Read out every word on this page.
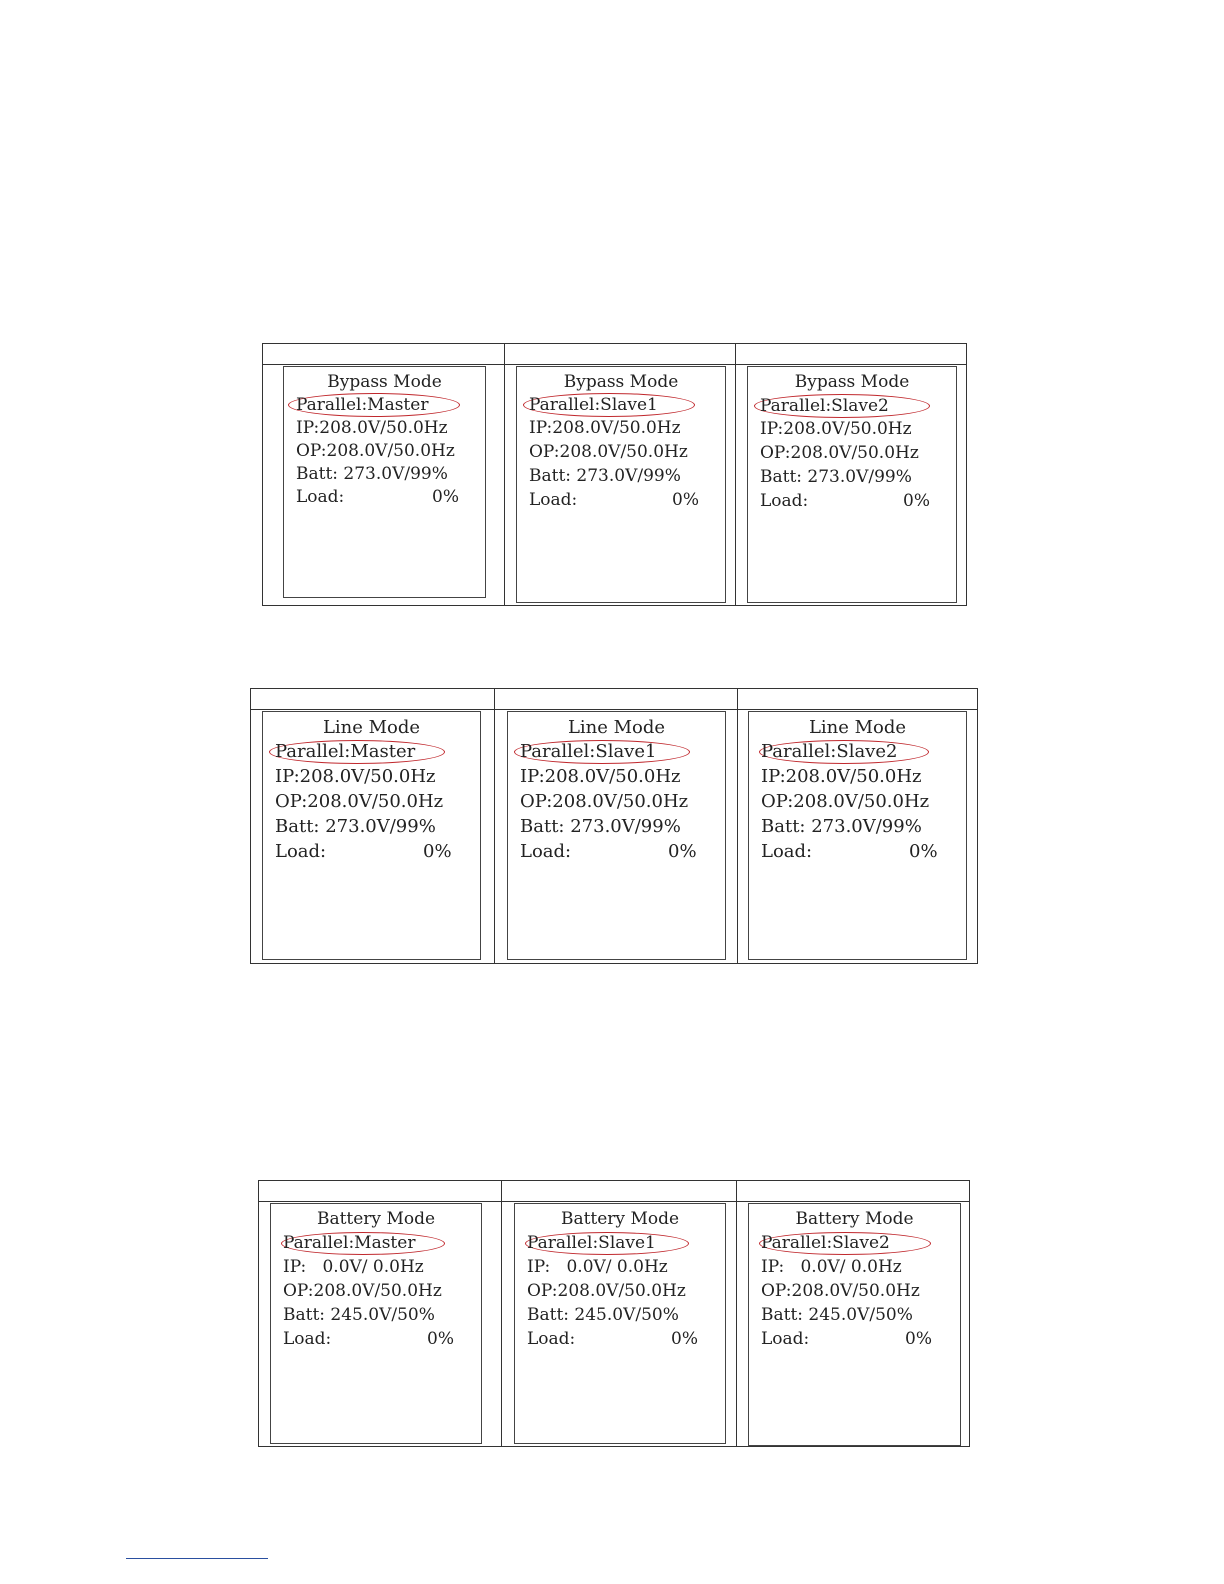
Bypass Mode
Parallel:Master
IP:208.0V/50.0Hz
OP:208.0V/50.0Hz
Batt: 273.0V/99%
Load:	0%
Bypass Mode
Parallel:Slave1
IP:208.0V/50.0Hz
OP:208.0V/50.0Hz
Batt: 273.0V/99%
Load:	0%
Bypass Mode
Parallel:Slave2
IP:208.0V/50.0Hz
OP:208.0V/50.0Hz
Batt: 273.0V/99%
Load:	0%
Line Mode
Parallel:Master
IP:208.0V/50.0Hz
OP:208.0V/50.0Hz
Batt: 273.0V/99%
Load:	0%
Line Mode
Parallel:Slave1
IP:208.0V/50.0Hz
OP:208.0V/50.0Hz
Batt: 273.0V/99%
Load:	0%
Line Mode
Parallel:Slave2
IP:208.0V/50.0Hz
OP:208.0V/50.0Hz
Batt: 273.0V/99%
Load:	0%
Battery Mode
Parallel:Master
IP:   0.0V/ 0.0Hz
OP:208.0V/50.0Hz
Batt: 245.0V/50%
Load:	0%
Battery Mode
Parallel:Slave1
IP:   0.0V/ 0.0Hz
OP:208.0V/50.0Hz
Batt: 245.0V/50%
Load:	0%
Battery Mode
Parallel:Slave2
IP:   0.0V/ 0.0Hz
OP:208.0V/50.0Hz
Batt: 245.0V/50%
Load:	0%
